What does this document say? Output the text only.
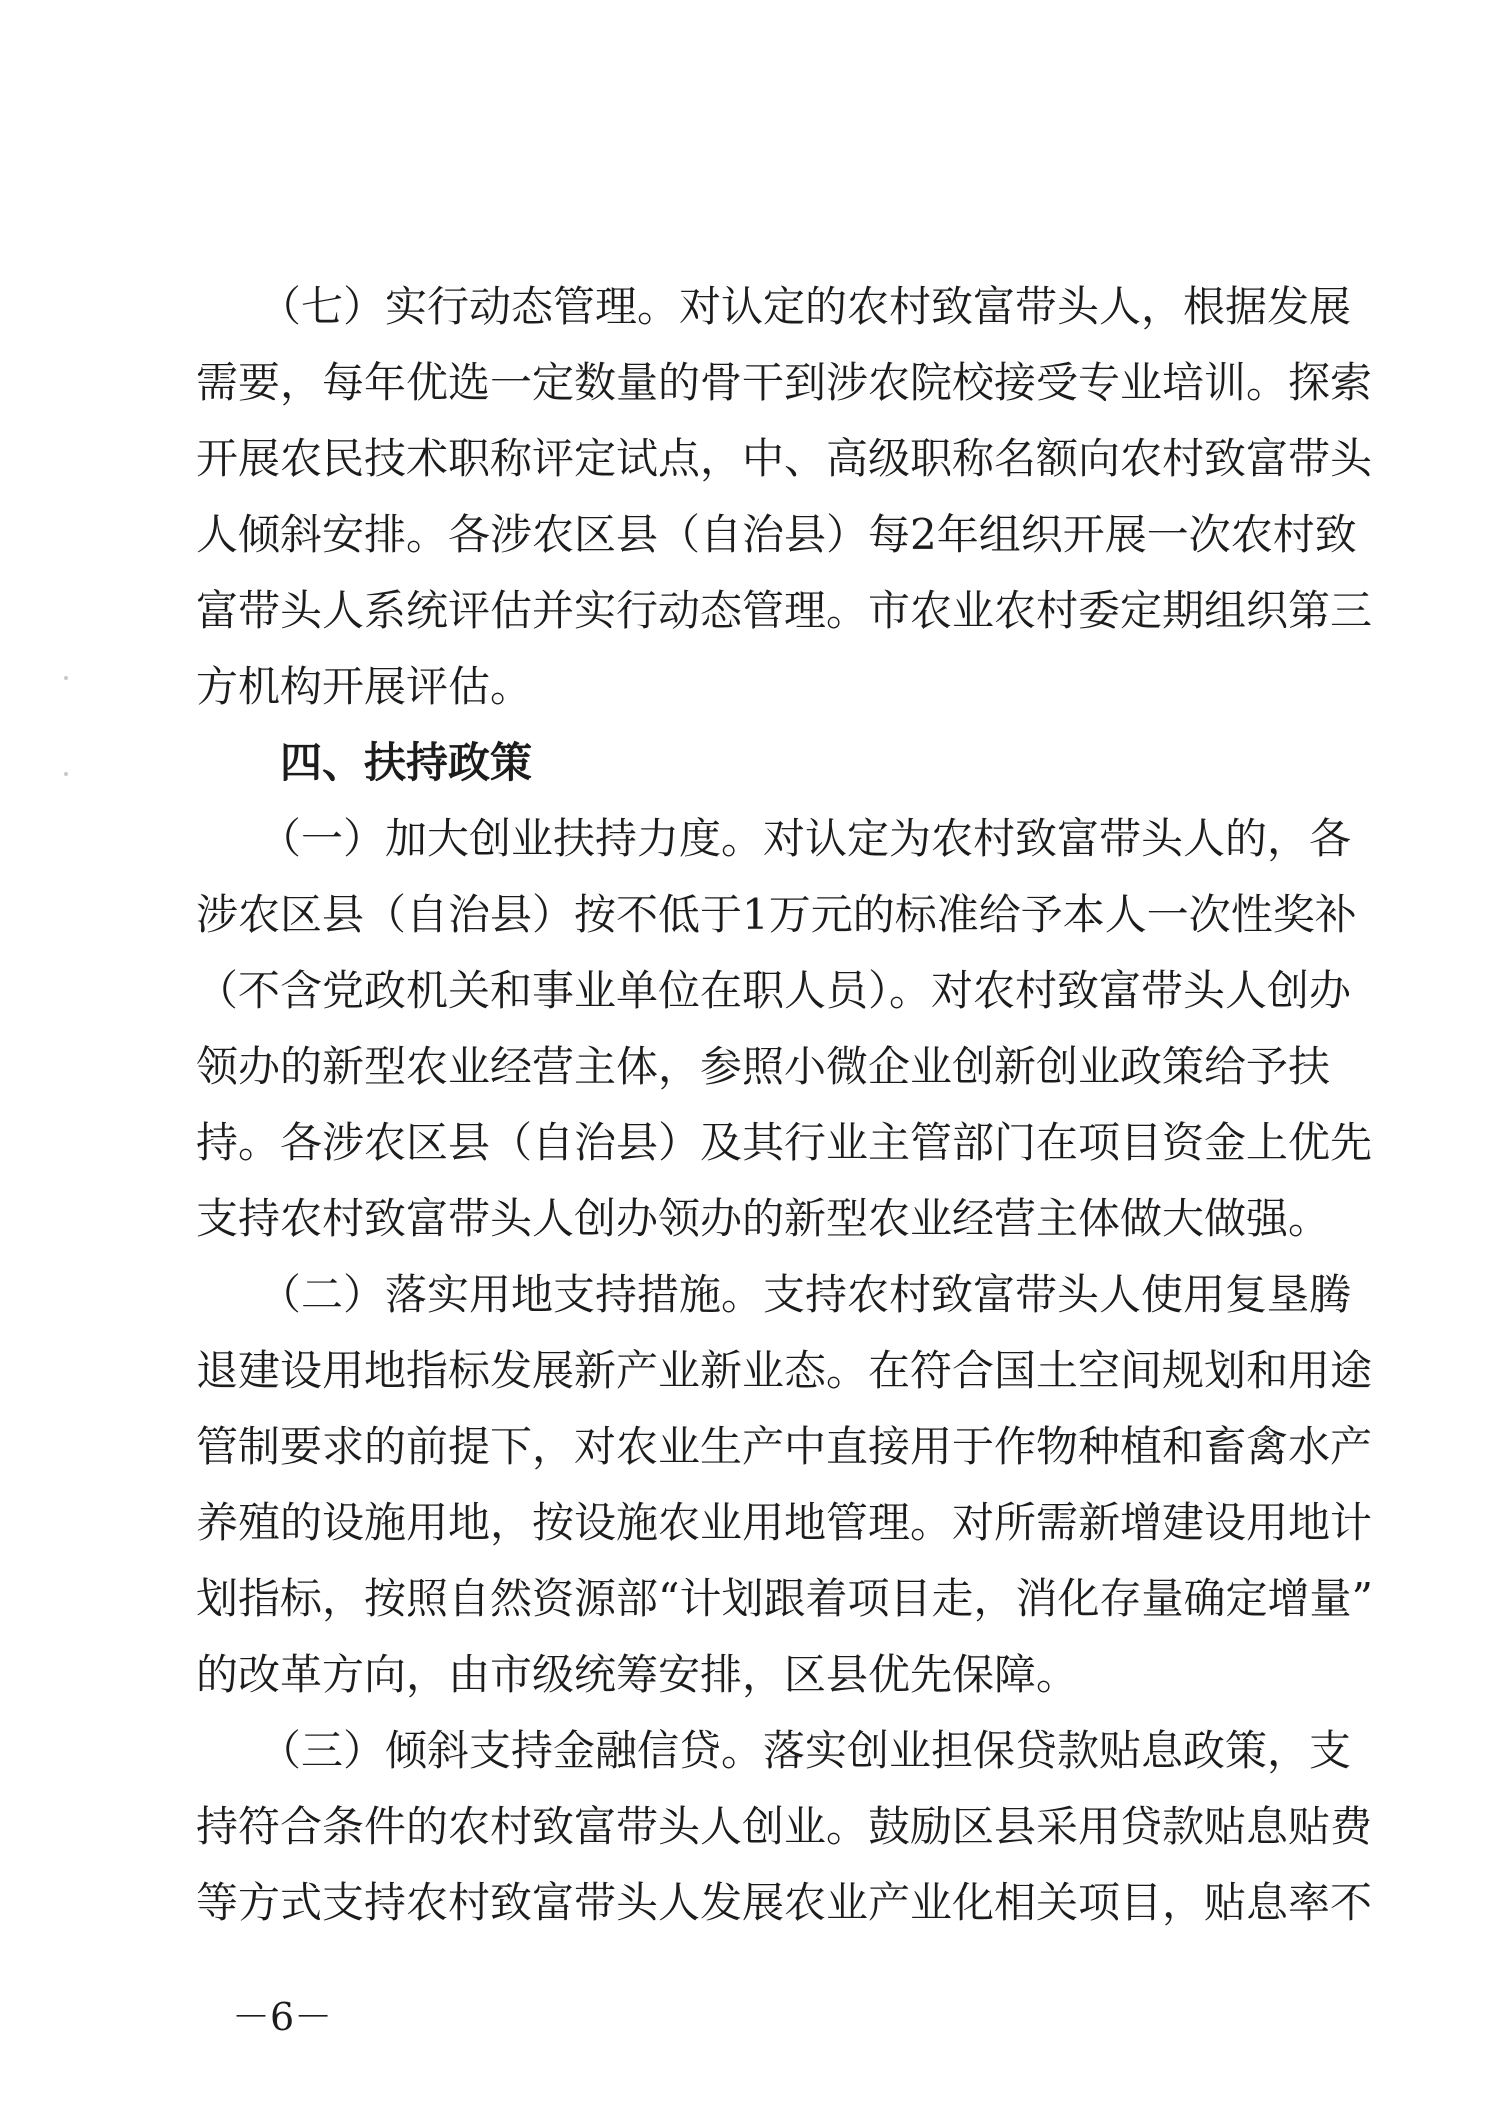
　　（七）实行动态管理。对认定的农村致富带头人，根据发展
需要，每年优选一定数量的骨干到涉农院校接受专业培训。探索
开展农民技术职称评定试点，中、高级职称名额向农村致富带头
人倾斜安排。各涉农区县（自治县）每2年组织开展一次农村致
富带头人系统评估并实行动态管理。市农业农村委定期组织第三
方机构开展评估。
　　四、扶持政策
　　（一）加大创业扶持力度。对认定为农村致富带头人的，各
涉农区县（自治县）按不低于1万元的标准给予本人一次性奖补
（不含党政机关和事业单位在职人员）。对农村致富带头人创办
领办的新型农业经营主体，参照小微企业创新创业政策给予扶
持。各涉农区县（自治县）及其行业主管部门在项目资金上优先
支持农村致富带头人创办领办的新型农业经营主体做大做强。
　　（二）落实用地支持措施。支持农村致富带头人使用复垦腾
退建设用地指标发展新产业新业态。在符合国土空间规划和用途
管制要求的前提下，对农业生产中直接用于作物种植和畜禽水产
养殖的设施用地，按设施农业用地管理。对所需新增建设用地计
划指标，按照自然资源部“计划跟着项目走，消化存量确定增量”
的改革方向，由市级统筹安排，区县优先保障。
　　（三）倾斜支持金融信贷。落实创业担保贷款贴息政策，支
持符合条件的农村致富带头人创业。鼓励区县采用贷款贴息贴费
等方式支持农村致富带头人发展农业产业化相关项目，贴息率不
－6－
